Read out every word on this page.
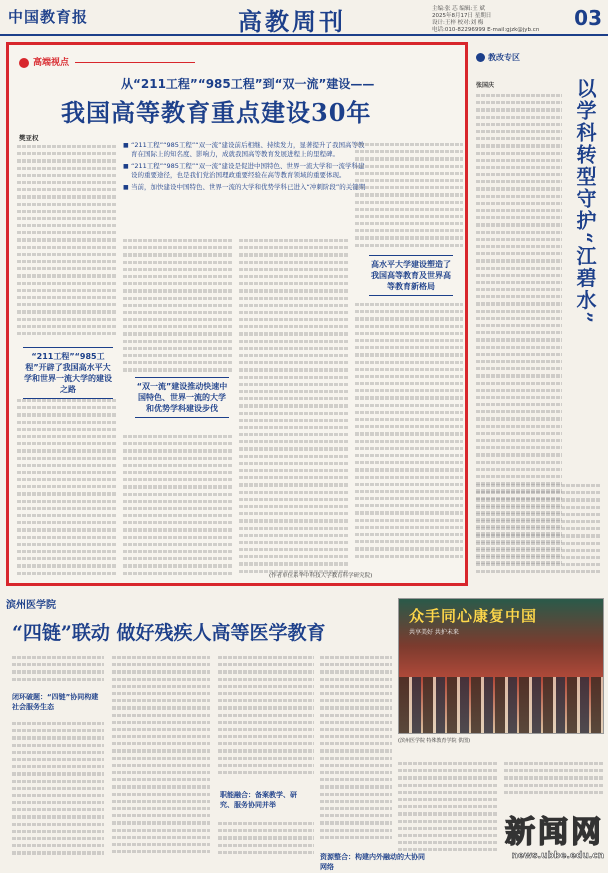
中国教育报	高教周刊	主编:张 芯 编辑:王 斌
2025年8月17日 星期日
设计:王梓 校对:刘 梅
电话:010-82296999 E-mail:gjzk@jyb.cn	03
高端视点
从“211工程”“985工程”到“双一流”建设——
我国高等教育重点建设30年
樊亚权

■ “211工程”“985工程”“双一流”建设前后相继、持续发力，显著提升了我国高等教育在国际上的知名度、影响力，成就我国高等教育发展进程上的里程碑。

■ “211工程”“985工程”“双一流”建设是促进中国特色、世界一流大学和一流学科建设的重要途径，也是我们党治国理政重要经验在高等教育领域的重要体现。

■ 当前，加快建设中国特色、世界一流的大学和优势学科已进入“冲刺阶段”的关键期

“211工程”“985工程”开辟了我国高水平大学和世界一流大学的建设之路	“双一流”建设推动快速中国特色、世界一流的大学和优势学科建设步伐
高水平大学建设塑造了我国高等教育及世界高等教育新格局
(作者单位系华中科技大学教育科学研究院)
教改专区
张国庆	以学科转型守护“江碧水”
滨州医学院
“四链”联动 做好残疾人高等医学教育
众手同心康复中国
共享美好 共护未来
(滨州医学院 特殊教育学院 供图)
闭环破题：“四链”协同构建社会服务生态
职能融合：备案教学、研究、服务协同并举
资源整合：构建内外融动的大协同网络
新闻网
news.ubbe.edu.cn
